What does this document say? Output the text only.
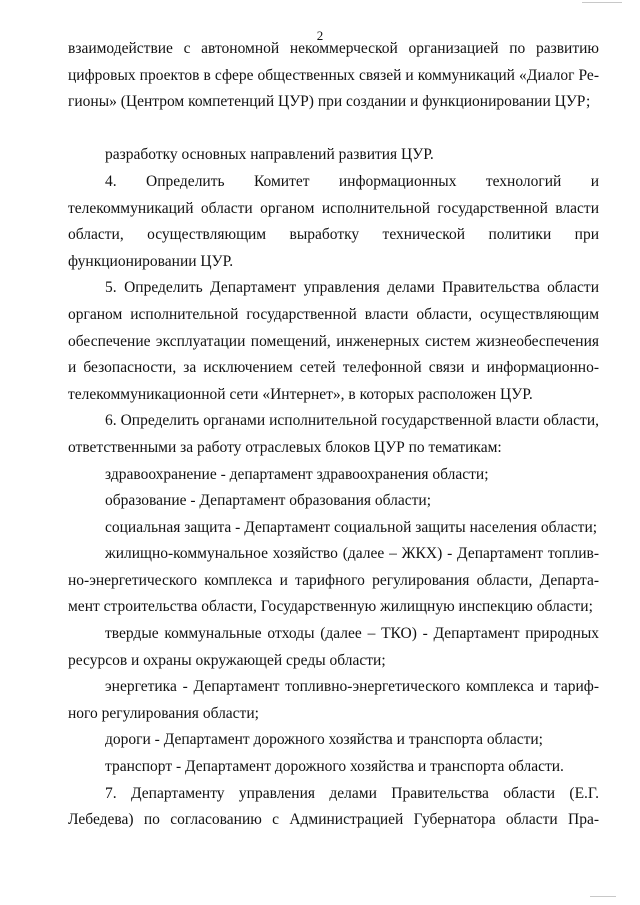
2

взаимодействие с автономной некоммерческой организацией по развитию цифровых проектов в сфере общественных связей и коммуникаций «Диалог Регионы» (Центром компетенций ЦУР) при создании и функционировании ЦУР;

разработку основных направлений развития ЦУР.

4. Определить Комитет информационных технологий и телекоммуникаций области органом исполнительной государственной власти области, осуществляющим выработку технической политики при функционировании ЦУР.

5. Определить Департамент управления делами Правительства области органом исполнительной государственной власти области, осуществляющим обеспечение эксплуатации помещений, инженерных систем жизнеобеспечения и безопасности, за исключением сетей телефонной связи и информационно-телекоммуникационной сети «Интернет», в которых расположен ЦУР.

6. Определить органами исполнительной государственной власти области, ответственными за работу отраслевых блоков ЦУР по тематикам:

здравоохранение - департамент здравоохранения области;

образование - Департамент образования области;

социальная защита - Департамент социальной защиты населения области;

жилищно-коммунальное хозяйство (далее – ЖКХ) - Департамент топливно-энергетического комплекса и тарифного регулирования области, Департамент строительства области, Государственную жилищную инспекцию области;

твердые коммунальные отходы (далее – ТКО) - Департамент природных ресурсов и охраны окружающей среды области;

энергетика - Департамент топливно-энергетического комплекса и тарифного регулирования области;

дороги - Департамент дорожного хозяйства и транспорта области;

транспорт - Департамент дорожного хозяйства и транспорта области.

7. Департаменту управления делами Правительства области (Е.Г. Лебедева) по согласованию с Администрацией Губернатора области Пра-
